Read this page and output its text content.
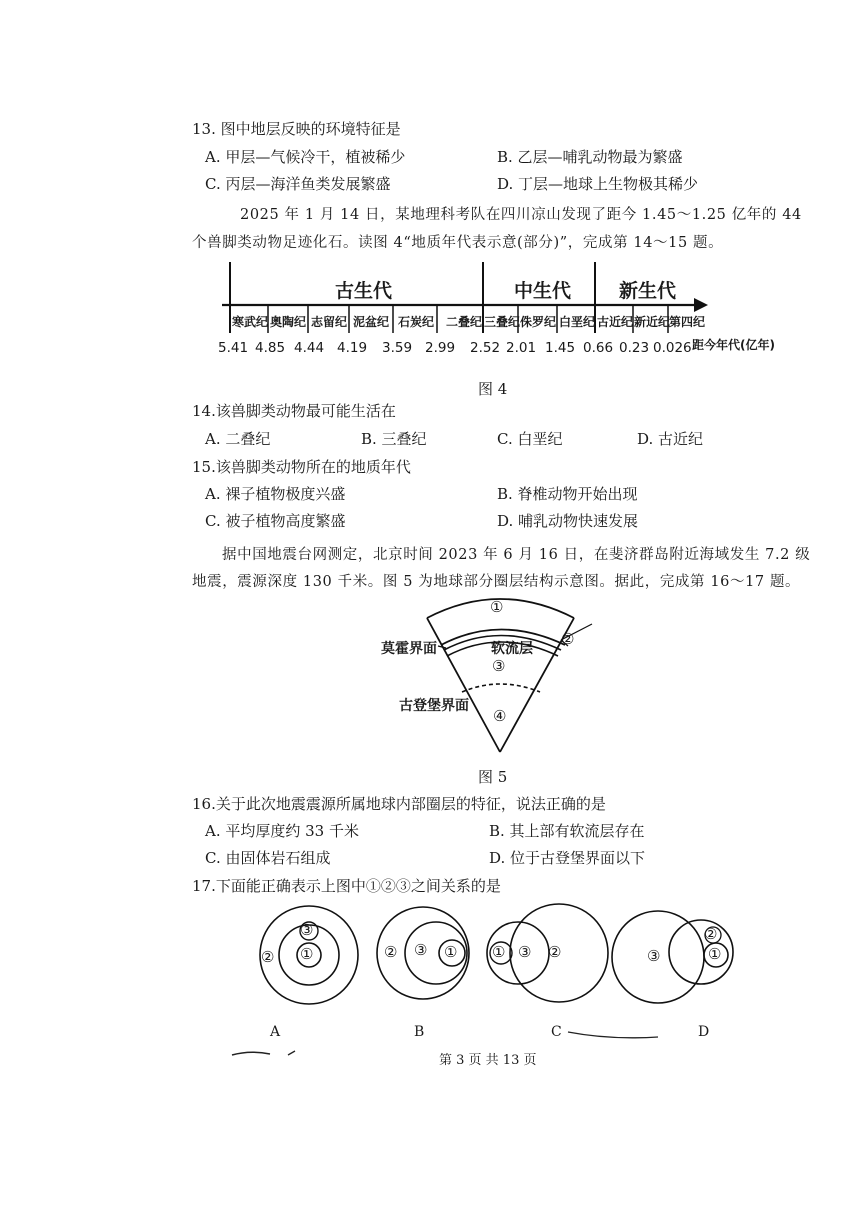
13. 图中地层反映的环境特征是
A. 甲层—气候冷干，植被稀少	B. 乙层—哺乳动物最为繁盛
C. 丙层—海洋鱼类发展繁盛	D. 丁层—地球上生物极其稀少
2025 年 1 月 14 日，某地理科考队在四川凉山发现了距今 1.45～1.25 亿年的 44
个兽脚类动物足迹化石。读图 4“地质年代表示意(部分)”，完成第 14～15 题。
古生代	中生代	新生代
寒武纪 奥陶纪 志留纪 泥盆纪 石炭纪 二叠纪 三叠纪 侏罗纪 白垩纪 古近纪 新近纪
第四纪
5.41 4.85 4.44 4.19 3.59 2.99 2.52 2.01 1.45 0.66 0.23 0.026 距今年代(亿年)
图 4
14.该兽脚类动物最可能生活在
A. 二叠纪	B. 三叠纪	C. 白垩纪	D. 古近纪
15.该兽脚类动物所在的地质年代
A. 裸子植物极度兴盛	B. 脊椎动物开始出现
C. 被子植物高度繁盛	D. 哺乳动物快速发展
据中国地震台网测定，北京时间 2023 年 6 月 16 日，在斐济群岛附近海域发生 7.2 级
地震，震源深度 130 千米。图 5 为地球部分圈层结构示意图。据此，完成第 16～17 题。
①
②
③
④
莫霍界面	软流层
古登堡界面
图 5
16.关于此次地震震源所属地球内部圈层的特征，说法正确的是
A. 平均厚度约 33 千米	B. 其上部有软流层存在
C. 由固体岩石组成	D. 位于古登堡界面以下
17.下面能正确表示上图中①②③之间关系的是
①
③
②	② ③ ① ① ③ ②	③
②
①
A	B	C	D
第 3 页 共 13 页
